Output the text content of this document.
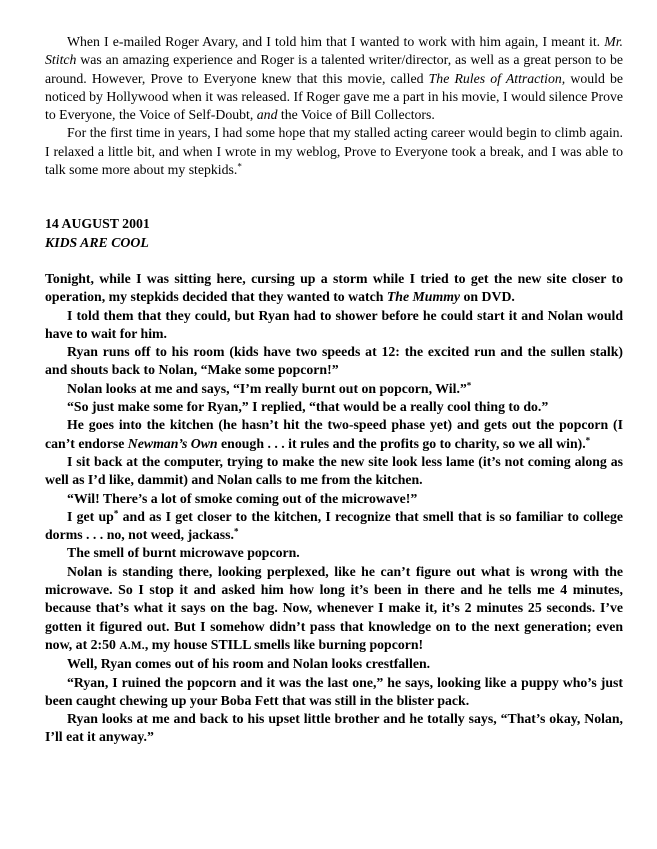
When I e-mailed Roger Avary, and I told him that I wanted to work with him again, I meant it. Mr. Stitch was an amazing experience and Roger is a talented writer/director, as well as a great person to be around. However, Prove to Everyone knew that this movie, called The Rules of Attraction, would be noticed by Hollywood when it was released. If Roger gave me a part in his movie, I would silence Prove to Everyone, the Voice of Self-Doubt, and the Voice of Bill Collectors.

For the first time in years, I had some hope that my stalled acting career would begin to climb again. I relaxed a little bit, and when I wrote in my weblog, Prove to Everyone took a break, and I was able to talk some more about my stepkids.*

14 AUGUST 2001
KIDS ARE COOL

Tonight, while I was sitting here, cursing up a storm while I tried to get the new site closer to operation, my stepkids decided that they wanted to watch The Mummy on DVD.

I told them that they could, but Ryan had to shower before he could start it and Nolan would have to wait for him.

Ryan runs off to his room (kids have two speeds at 12: the excited run and the sullen stalk) and shouts back to Nolan, “Make some popcorn!”

Nolan looks at me and says, “I’m really burnt out on popcorn, Wil.”*

“So just make some for Ryan,” I replied, “that would be a really cool thing to do.”

He goes into the kitchen (he hasn’t hit the two-speed phase yet) and gets out the popcorn (I can’t endorse Newman’s Own enough . . . it rules and the profits go to charity, so we all win).*

I sit back at the computer, trying to make the new site look less lame (it’s not coming along as well as I’d like, dammit) and Nolan calls to me from the kitchen.

“Wil! There’s a lot of smoke coming out of the microwave!”

I get up* and as I get closer to the kitchen, I recognize that smell that is so familiar to college dorms . . . no, not weed, jackass.*

The smell of burnt microwave popcorn.

Nolan is standing there, looking perplexed, like he can’t figure out what is wrong with the microwave. So I stop it and asked him how long it’s been in there and he tells me 4 minutes, because that’s what it says on the bag. Now, whenever I make it, it’s 2 minutes 25 seconds. I’ve gotten it figured out. But I somehow didn’t pass that knowledge on to the next generation; even now, at 2:50 A.M., my house STILL smells like burning popcorn!

Well, Ryan comes out of his room and Nolan looks crestfallen.

“Ryan, I ruined the popcorn and it was the last one,” he says, looking like a puppy who’s just been caught chewing up your Boba Fett that was still in the blister pack.

Ryan looks at me and back to his upset little brother and he totally says, “That’s okay, Nolan, I’ll eat it anyway.”
